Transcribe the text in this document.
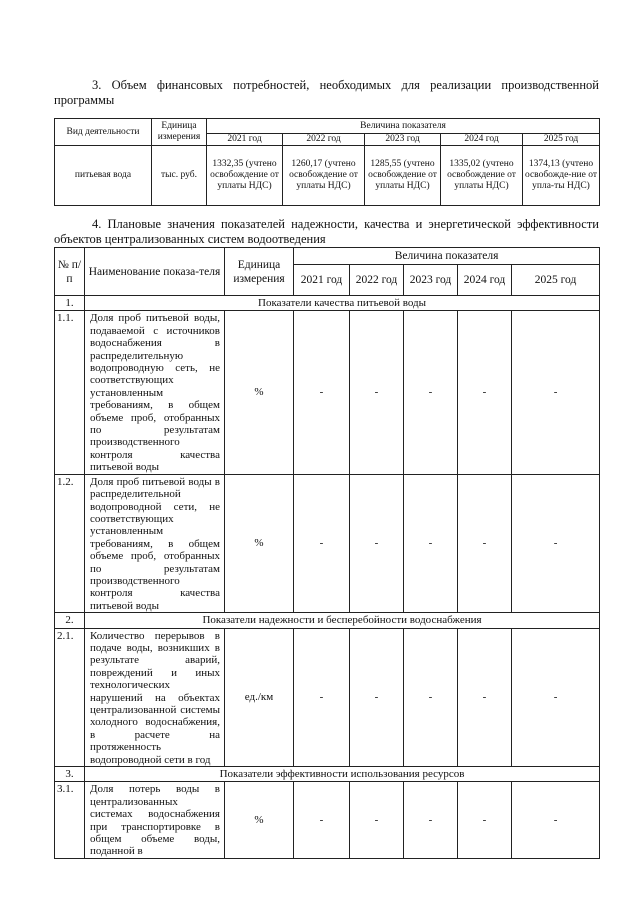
3. Объем финансовых потребностей, необходимых для реализации производственной программы
Вид деятельности	Единица измерения	Величина показателя				
		2021 год	2022 год	2023 год	2024 год	2025 год
питьевая вода	тыс. руб.	1332,35 (учтено освобождение от уплаты НДС)	1260,17 (учтено освобождение от уплаты НДС)	1285,55 (учтено освобождение от уплаты НДС)	1335,02 (учтено освобождение от уплаты НДС)	1374,13 (учтено освобожде-ние от упла-ты НДС)
4. Плановые значения показателей надежности, качества и энергетической эффективности объектов централизованных систем водоотведения
№ п/п	Наименование показа-теля	Единица измерения	Величина показателя				
			2021 год	2022 год	2023 год	2024 год	2025 год
1.	Показатели качества питьевой воды						
1.1.	Доля проб питьевой воды, подаваемой с источников водоснабжения в распределительную водопроводную сеть, не соответствующих установленным требованиям, в общем объеме проб, отобранных по результатам производственного контроля качества питьевой воды	%	-	-	-	-	-
1.2.	Доля проб питьевой воды в распределительной водопроводной сети, не соответствующих установленным требованиям, в общем объеме проб, отобранных по результатам производственного контроля качества питьевой воды	%	-	-	-	-	-
2.	Показатели надежности и бесперебойности водоснабжения						
2.1.	Количество перерывов в подаче воды, возникших в результате аварий, повреждений и иных технологических нарушений на объектах централизованной системы холодного водоснабжения, в расчете на протяженность водопроводной сети в год	ед./км	-	-	-	-	-
3.	Показатели эффективности использования ресурсов						
3.1.	Доля потерь воды в централизованных системах водоснабжения при транспортировке в общем объеме воды, поданной в	%	-	-	-	-	-
